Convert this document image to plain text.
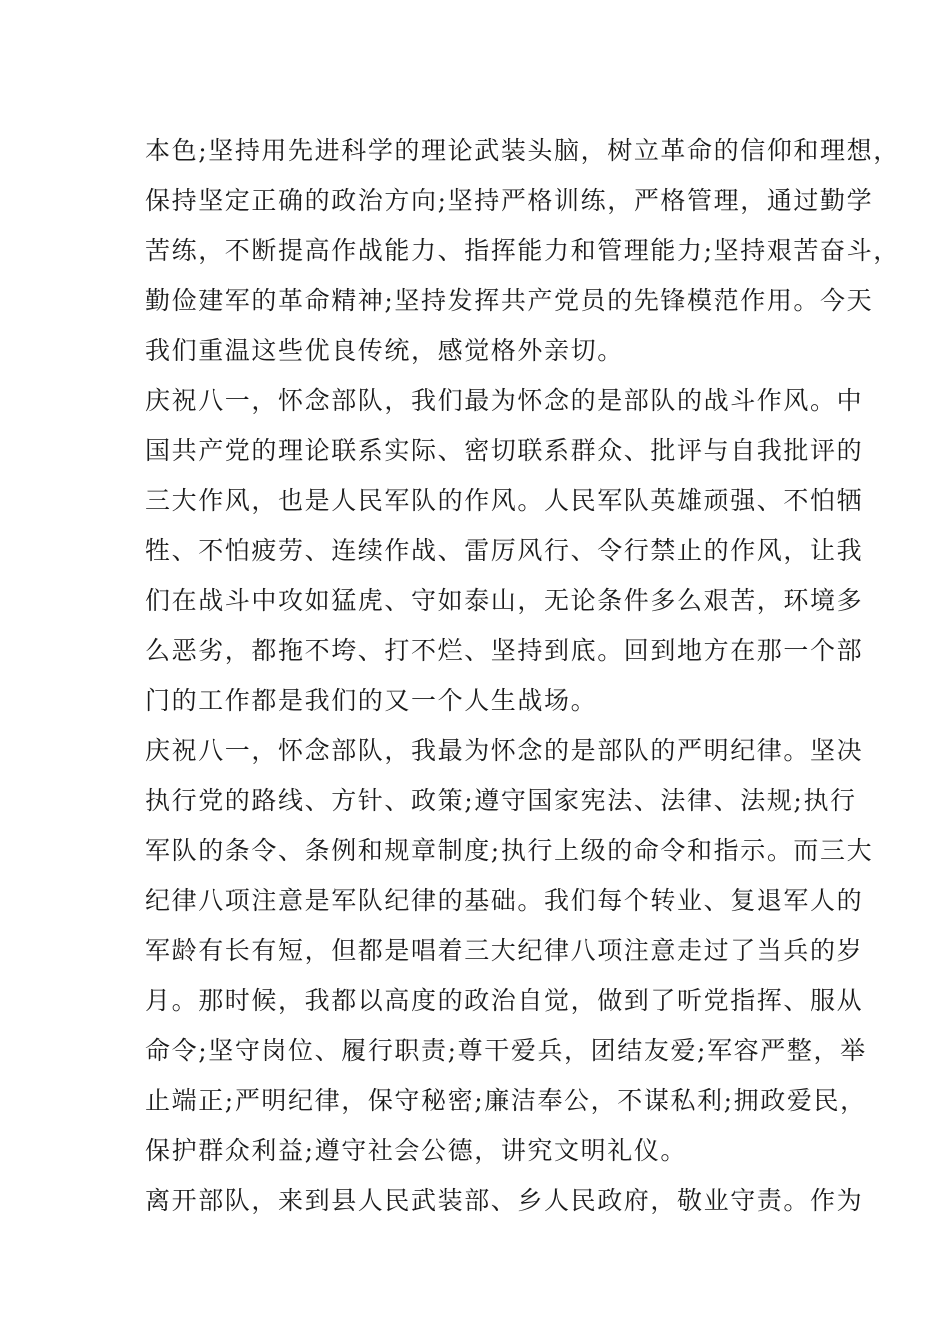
本色;坚持用先进科学的理论武装头脑，树立革命的信仰和理想，
保持坚定正确的政治方向;坚持严格训练，严格管理，通过勤学
苦练，不断提高作战能力、指挥能力和管理能力;坚持艰苦奋斗，
勤俭建军的革命精神;坚持发挥共产党员的先锋模范作用。今天
我们重温这些优良传统，感觉格外亲切。
庆祝八一，怀念部队，我们最为怀念的是部队的战斗作风。中
国共产党的理论联系实际、密切联系群众、批评与自我批评的
三大作风，也是人民军队的作风。人民军队英雄顽强、不怕牺
牲、不怕疲劳、连续作战、雷厉风行、令行禁止的作风，让我
们在战斗中攻如猛虎、守如泰山，无论条件多么艰苦，环境多
么恶劣，都拖不垮、打不烂、坚持到底。回到地方在那一个部
门的工作都是我们的又一个人生战场。
庆祝八一，怀念部队，我最为怀念的是部队的严明纪律。坚决
执行党的路线、方针、政策;遵守国家宪法、法律、法规;执行
军队的条令、条例和规章制度;执行上级的命令和指示。而三大
纪律八项注意是军队纪律的基础。我们每个转业、复退军人的
军龄有长有短，但都是唱着三大纪律八项注意走过了当兵的岁
月。那时候，我都以高度的政治自觉，做到了听党指挥、服从
命令;坚守岗位、履行职责;尊干爱兵，团结友爱;军容严整，举
止端正;严明纪律，保守秘密;廉洁奉公，不谋私利;拥政爱民，
保护群众利益;遵守社会公德，讲究文明礼仪。
离开部队，来到县人民武装部、乡人民政府，敬业守责。作为
